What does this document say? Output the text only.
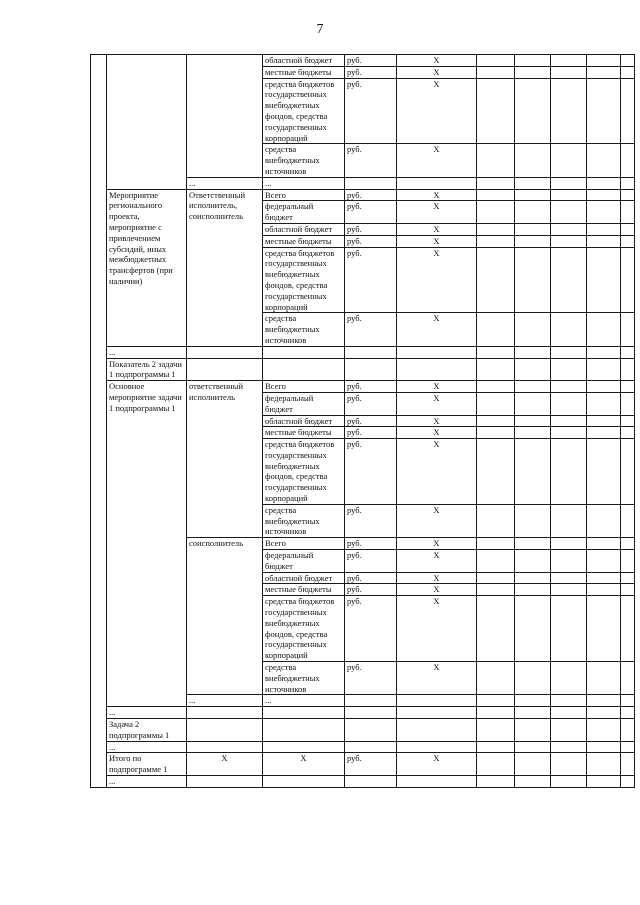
7
			областной бюджет	руб.	X					
			местные бюджеты	руб.	X					
			средства бюджетов государственных внебюджетных фондов, средства государственных корпораций	руб.	X					
			средства внебюджетных источников	руб.	X					
		...	...							
	Мероприятие регионального проекта, мероприятие с привлечением субсидий, иных межбюджетных трансфертов (при наличии)	Ответственный исполнитель, соисполнитель	Всего	руб.	X					
			федеральный бюджет	руб.	X					
			областной бюджет	руб.	X					
			местные бюджеты	руб.	X					
			средства бюджетов государственных внебюджетных фондов, средства государственных корпораций	руб.	X					
			средства внебюджетных источников	руб.	X					
	...									
	Показатель 2 задачи 1 подпрограммы 1									
	Основное мероприятие задачи 1 подпрограммы 1	ответственный исполнитель	Всего	руб.	X					
			федеральный бюджет	руб.	X					
			областной бюджет	руб.	X					
			местные бюджеты	руб.	X					
			средства бюджетов государственных внебюджетных фондов, средства государственных корпораций	руб.	X					
			средства внебюджетных источников	руб.	X					
		соисполнитель	Всего	руб.	X					
			федеральный бюджет	руб.	X					
			областной бюджет	руб.	X					
			местные бюджеты	руб.	X					
			средства бюджетов государственных внебюджетных фондов, средства государственных корпораций	руб.	X					
			средства внебюджетных источников	руб.	X					
		...	...							
	...									
	Задача 2 подпрограммы 1									
	...									
	Итого по подпрограмме 1	X	X	руб.	X					
	...									
